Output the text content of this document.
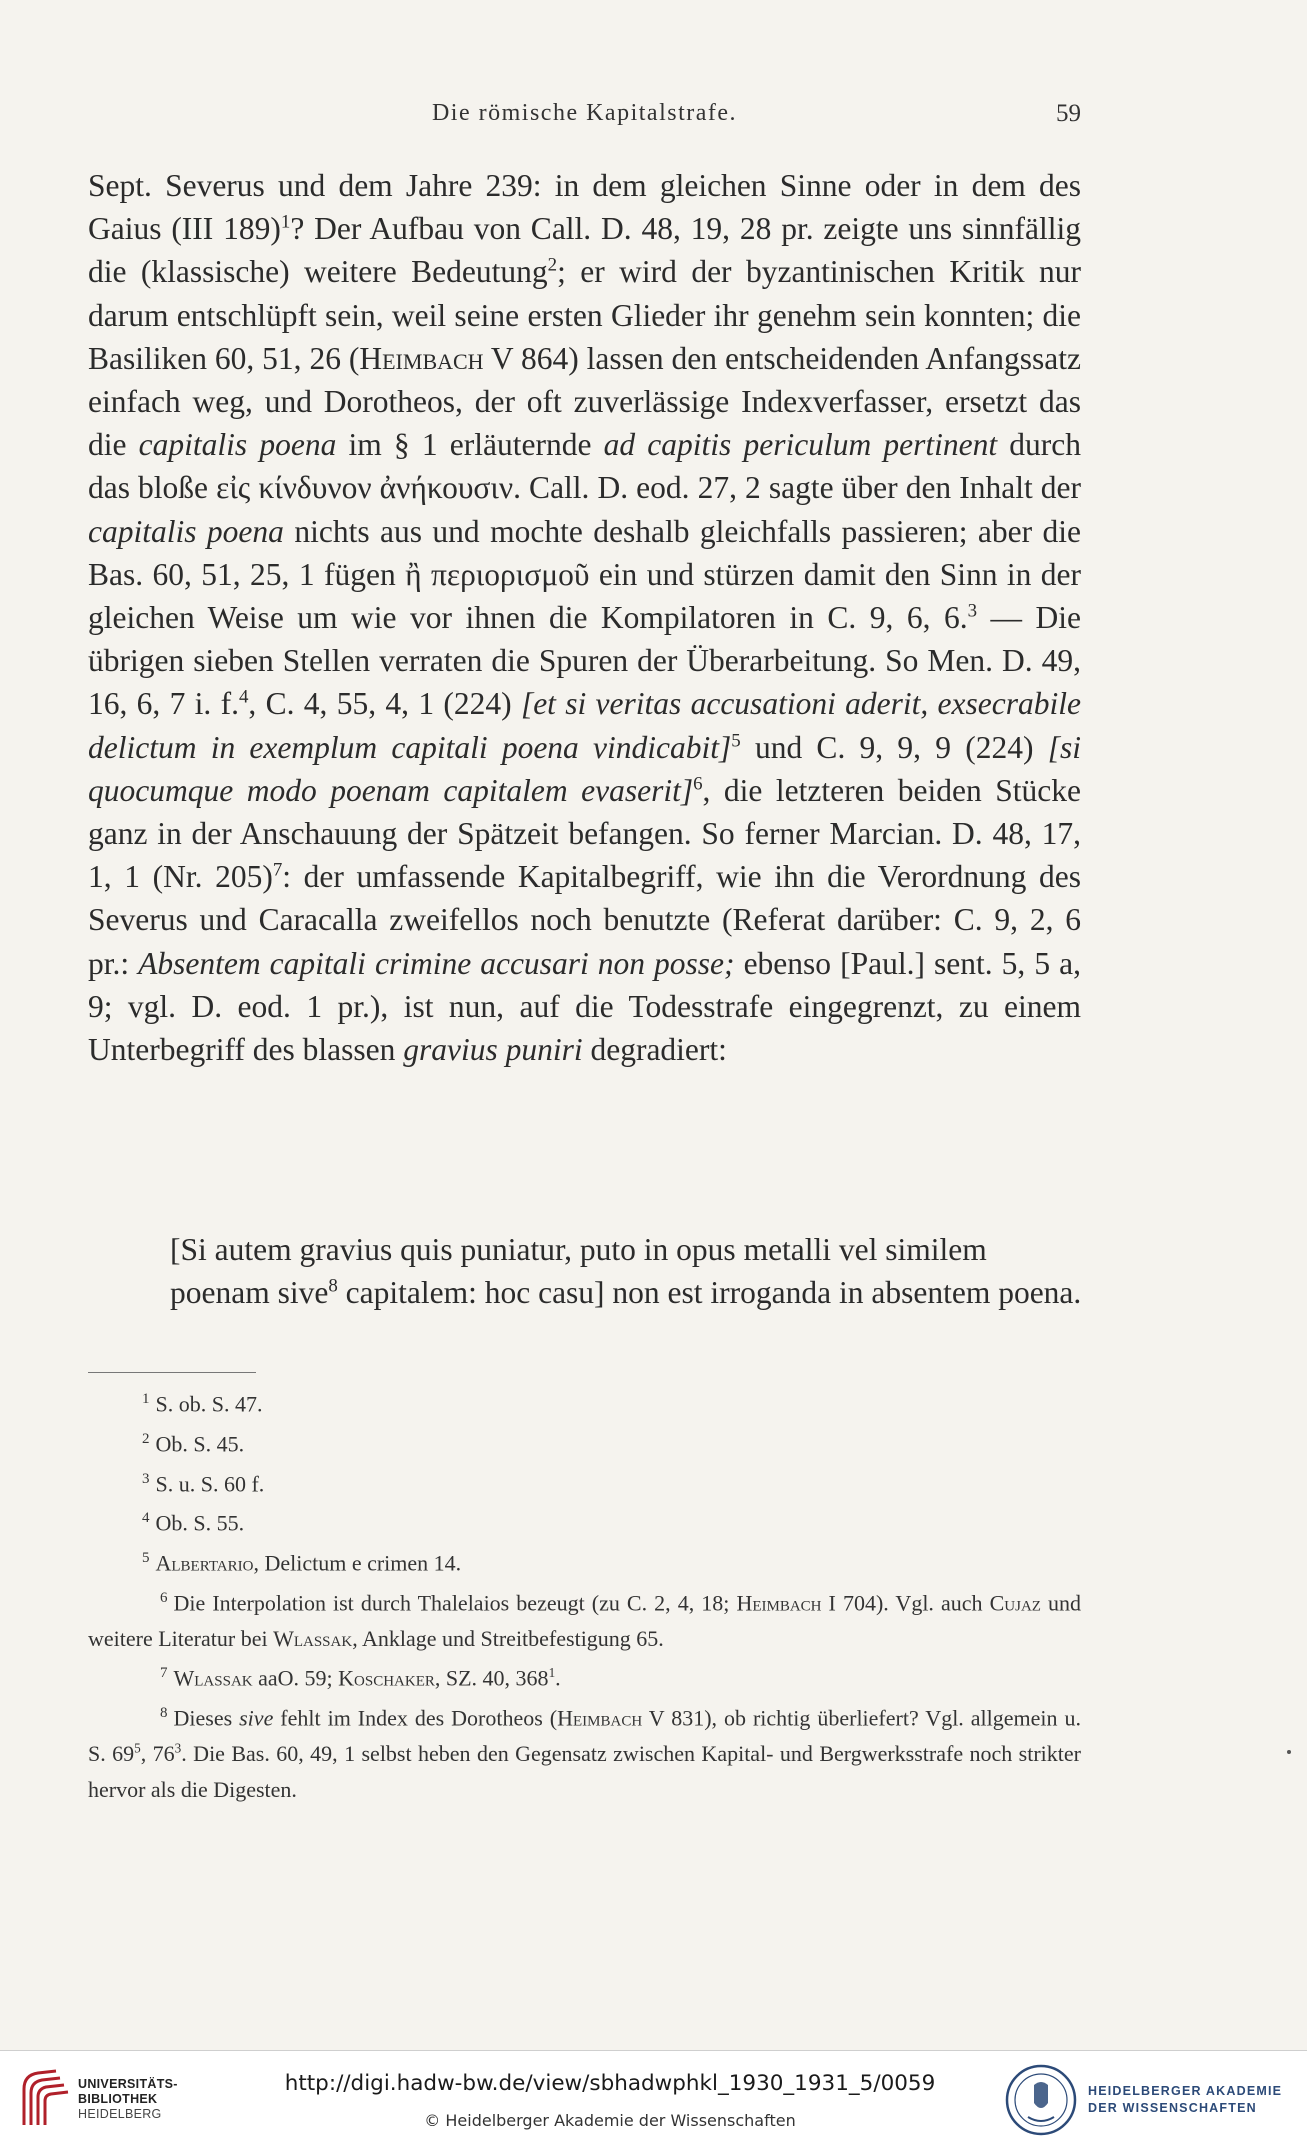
Die römische Kapitalstrafe.	59

Sept. Severus und dem Jahre 239: in dem gleichen Sinne oder in dem des Gaius (III 189)$^1$? Der Aufbau von Call. D. 48, 19, 28 pr. zeigte uns sinnfällig die (klassische) weitere Bedeutung$^2$; er wird der byzantinischen Kritik nur darum entschlüpft sein, weil seine ersten Glieder ihr genehm sein konnten; die Basiliken 60, 51, 26 (Heimbach V 864) lassen den entscheidenden Anfangssatz einfach weg, und Dorotheos, der oft zuverlässige Indexverfasser, ersetzt das die capitalis poena im § 1 erläuternde ad capitis periculum pertinent durch das bloße εἰς κίνδυνον ἀνήκουσιν. Call. D. eod. 27, 2 sagte über den Inhalt der capitalis poena nichts aus und mochte deshalb gleichfalls passieren; aber die Bas. 60, 51, 25, 1 fügen ἢ περιορισμοῦ ein und stürzen damit den Sinn in der gleichen Weise um wie vor ihnen die Kompilatoren in C. 9, 6, 6.$^3$ — Die übrigen sieben Stellen verraten die Spuren der Überarbeitung. So Men. D. 49, 16, 6, 7 i. f.$^4$, C. 4, 55, 4, 1 (224) [et si veritas accusationi aderit, exsecrabile delictum in exemplum capitali poena vindicabit]$^5$ und C. 9, 9, 9 (224) [si quocumque modo poenam capitalem evaserit]$^6$, die letzteren beiden Stücke ganz in der Anschauung der Spätzeit befangen. So ferner Marcian. D. 48, 17, 1, 1 (Nr. 205)$^7$: der umfassende Kapitalbegriff, wie ihn die Verordnung des Severus und Caracalla zweifellos noch benutzte (Referat darüber: C. 9, 2, 6 pr.: Absentem capitali crimine accusari non posse; ebenso [Paul.] sent. 5, 5 a, 9; vgl. D. eod. 1 pr.), ist nun, auf die Todesstrafe eingegrenzt, zu einem Unterbegriff des blassen gravius puniri degradiert:

[Si autem gravius quis puniatur, puto in opus metalli vel similem poenam sive$^8$ capitalem: hoc casu] non est irroganda in absentem poena.

$^1$ S. ob. S. 47.

$^2$ Ob. S. 45.

$^3$ S. u. S. 60 f.

$^4$ Ob. S. 55.

$^5$ Albertario, Delictum e crimen 14.

$^6$ Die Interpolation ist durch Thalelaios bezeugt (zu C. 2, 4, 18; Heimbach I 704). Vgl. auch Cujaz und weitere Literatur bei Wlassak, Anklage und Streitbefestigung 65.

$^7$ Wlassak aaO. 59; Koschaker, SZ. 40, $368^1$.

$^8$ Dieses sive fehlt im Index des Dorotheos (Heimbach V 831), ob richtig überliefert? Vgl. allgemein u. S. $69^5$, $76^3$. Die Bas. 60, 49, 1 selbst heben den Gegensatz zwischen Kapital- und Bergwerksstrafe noch strikter hervor als die Digesten.

UNIVERSITÄTS-
BIBLIOTHEK
HEIDELBERG
http://digi.hadw-bw.de/view/sbhadwphkl_1930_1931_5/0059
© Heidelberger Akademie der Wissenschaften
HEIDELBERGER AKADEMIE
DER WISSENSCHAFTEN
